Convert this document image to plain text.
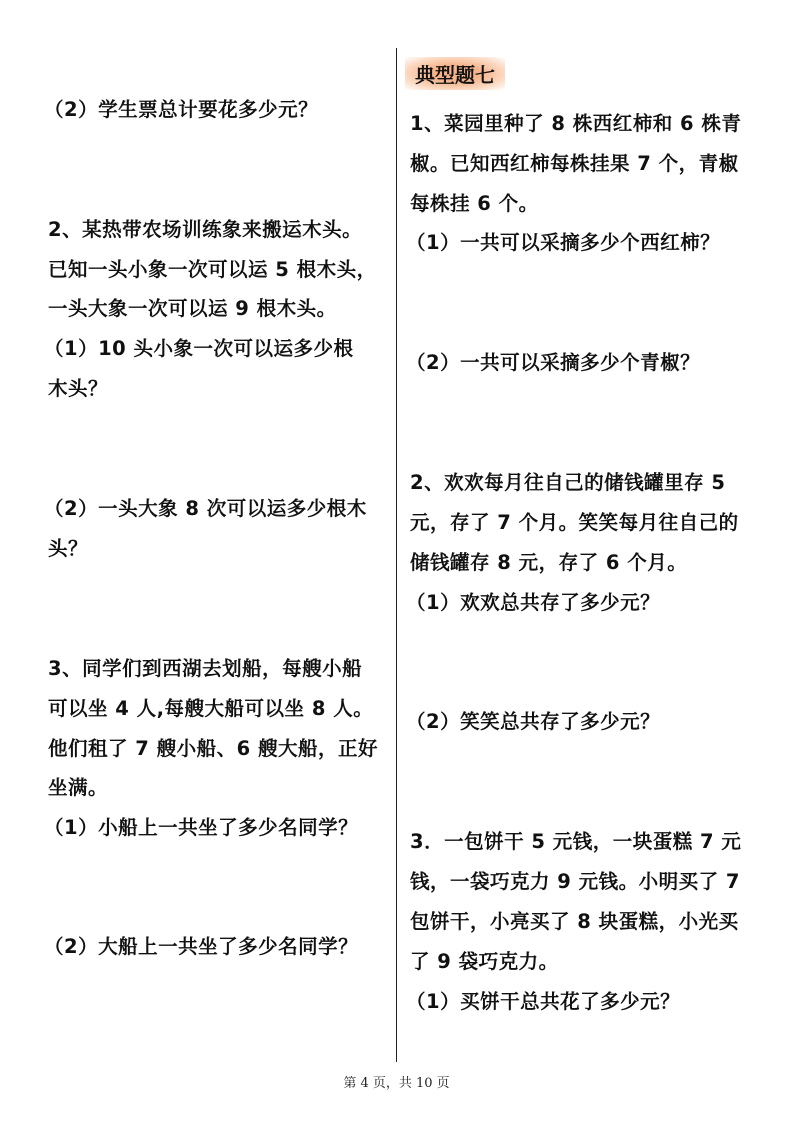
（2）学生票总计要花多少元？
2、某热带农场训练象来搬运木头。
已知一头小象一次可以运 5 根木头，
一头大象一次可以运 9 根木头。
（1）10 头小象一次可以运多少根
木头？
（2）一头大象 8 次可以运多少根木
头？
3、同学们到西湖去划船，每艘小船
可以坐 4 人,每艘大船可以坐 8 人。
他们租了 7 艘小船、6 艘大船，正好
坐满。
（1）小船上一共坐了多少名同学？
（2）大船上一共坐了多少名同学？
典型题七
1、菜园里种了 8 株西红柿和 6 株青
椒。已知西红柿每株挂果 7 个，青椒
每株挂 6 个。
（1）一共可以采摘多少个西红柿？
（2）一共可以采摘多少个青椒？
2、欢欢每月往自己的储钱罐里存 5
元，存了 7 个月。笑笑每月往自己的
储钱罐存 8 元，存了 6 个月。
（1）欢欢总共存了多少元？
（2）笑笑总共存了多少元？
3．一包饼干 5 元钱，一块蛋糕 7 元
钱，一袋巧克力 9 元钱。小明买了 7
包饼干，小亮买了 8 块蛋糕，小光买
了 9 袋巧克力。
（1）买饼干总共花了多少元？
第 4 页，共 10 页
